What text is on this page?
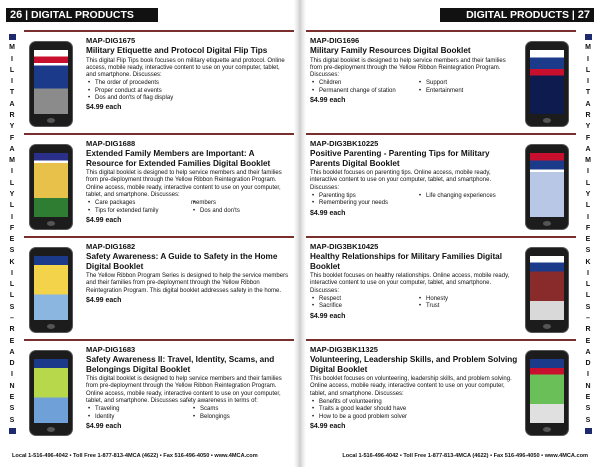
26 | DIGITAL PRODUCTS
M
I
L
I
T
A
R
Y
F
A
M
I
L
Y
L
I
F
E
S
K
I
L
L
S
–
R
E
A
D
I
N
E
S
S
MAP-DIG1675
Military Etiquette and Protocol Digital Flip Tips
This digital Flip Tips book focuses on military etiquette and protocol. Online access, mobile ready, interactive content to use on your computer, tablet, and smartphone. Discusses:
• The order of procedents
• Proper conduct at events
• Dos and don'ts of flag display
$4.99 each
MAP-DIG1688
Extended Family Members are Important: A Resource for Extended Families Digital Booklet
This digital booklet is designed to help service members and their families from pre-deployment through the Yellow Ribbon Reintegration Program. Online access, mobile ready, interactive content to use on your computer, tablet, and smartphone. Discusses:
• Care packages	• members
• Tips for extended family	• Dos and don'ts
$4.99 each
MAP-DIG1682
Safety Awareness: A Guide to Safety in the Home Digital Booklet
The Yellow Ribbon Program Series is designed to help the service members and their families from pre-deployment through the Yellow Ribbon Reintegration Program. This digital booklet addresses safety in the home.
$4.99 each
MAP-DIG1683
Safety Awareness II: Travel, Identity, Scams, and Belongings Digital Booklet
This digital booklet is designed to help service members and their families from pre-deployment through the Yellow Ribbon Reintegration Program. Online access, mobile ready, interactive content to use on your computer, tablet, and smartphone. Discusses safety awareness in terms of:
• Traveling	• Scams
• Identity	• Belongings
$4.99 each
Local 1-516-496-4042 • Toll Free 1-877-813-4MCA (4622) • Fax 516-496-4050 • www.4MCA.com
DIGITAL PRODUCTS | 27
M
I
L
I
T
A
R
Y
F
A
M
I
L
Y
L
I
F
E
S
K
I
L
L
S
–
R
E
A
D
I
N
E
S
S
MAP-DIG1696
Military Family Resources Digital Booklet
This digital booklet is designed to help service members and their families from pre-deployment through the Yellow Ribbon Reintegration Program. Discusses:
• Children	• Support
• Permanent change of station	• Entertainment
$4.99 each
MAP-DIG3BK10225
Positive Parenting - Parenting Tips for Military Parents Digital Booklet
This booklet focuses on parenting tips. Online access, mobile ready, interactive content to use on your computer, tablet, and smartphone. Discusses:
• Parenting tips	• Life changing experiences
• Remembering your needs
$4.99 each
MAP-DIG3BK10425
Healthy Relationships for Military Families Digital Booklet
This booklet focuses on healthy relationships. Online access, mobile ready, interactive content to use on your computer, tablet, and smartphone. Discusses:
• Respect	• Honesty
• Sacrifice	• Trust
$4.99 each
MAP-DIG3BK11325
Volunteering, Leadership Skills, and Problem Solving Digital Booklet
This booklet focuses on volunteering, leadership skills, and problem solving. Online access, mobile ready, interactive content to use on your computer, tablet, and smartphone. Discusses:
• Benefits of volunteering
• Traits a good leader should have
• How to be a good problem solver
$4.99 each
Local 1-516-496-4042 • Toll Free 1-877-813-4MCA (4622) • Fax 516-496-4050 • www.4MCA.com
